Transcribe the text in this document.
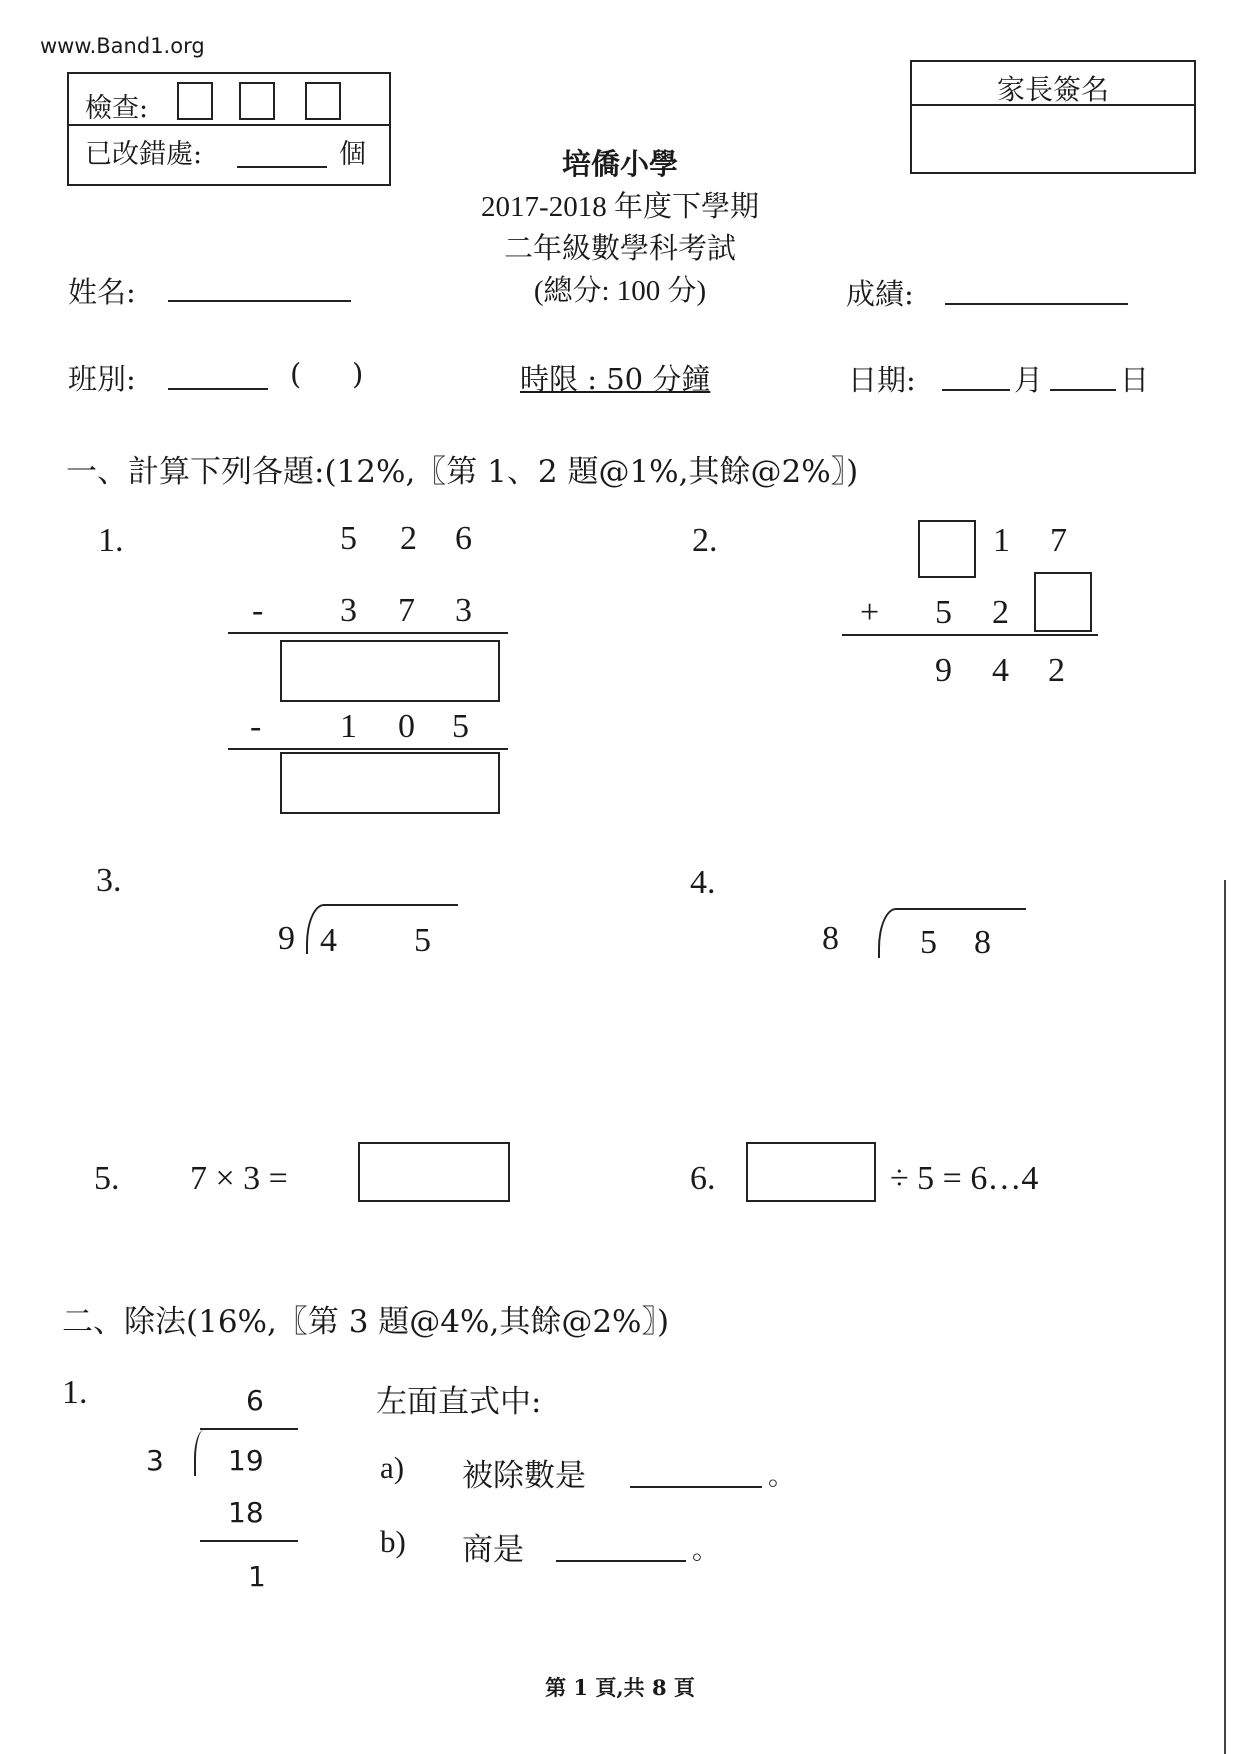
www.Band1.org
檢查:
已改錯處:	個
家長簽名
培僑小學
2017-2018 年度下學期
二年級數學科考試
(總分: 100 分)
姓名:	成績:
班別:	( )	時限 : 50 分鐘	日期:	月	日
一、計算下列各題:(12%,〖第 1、2 題@1%,其餘@2%〗)
1.	5 2 6
- 3 7 3
- 1 0 5
2.	1 7
+ 5 2
9 4 2
3.
9 4 5
4.
8 5 8
5. 7 × 3 =	6.	÷ 5 = 6…4
二、除法(16%,〖第 3 題@4%,其餘@2%〗)
1.	6
3 19
18
1
左面直式中:
a) 被除數是	。
b) 商是	。
第 1 頁,共 8 頁
